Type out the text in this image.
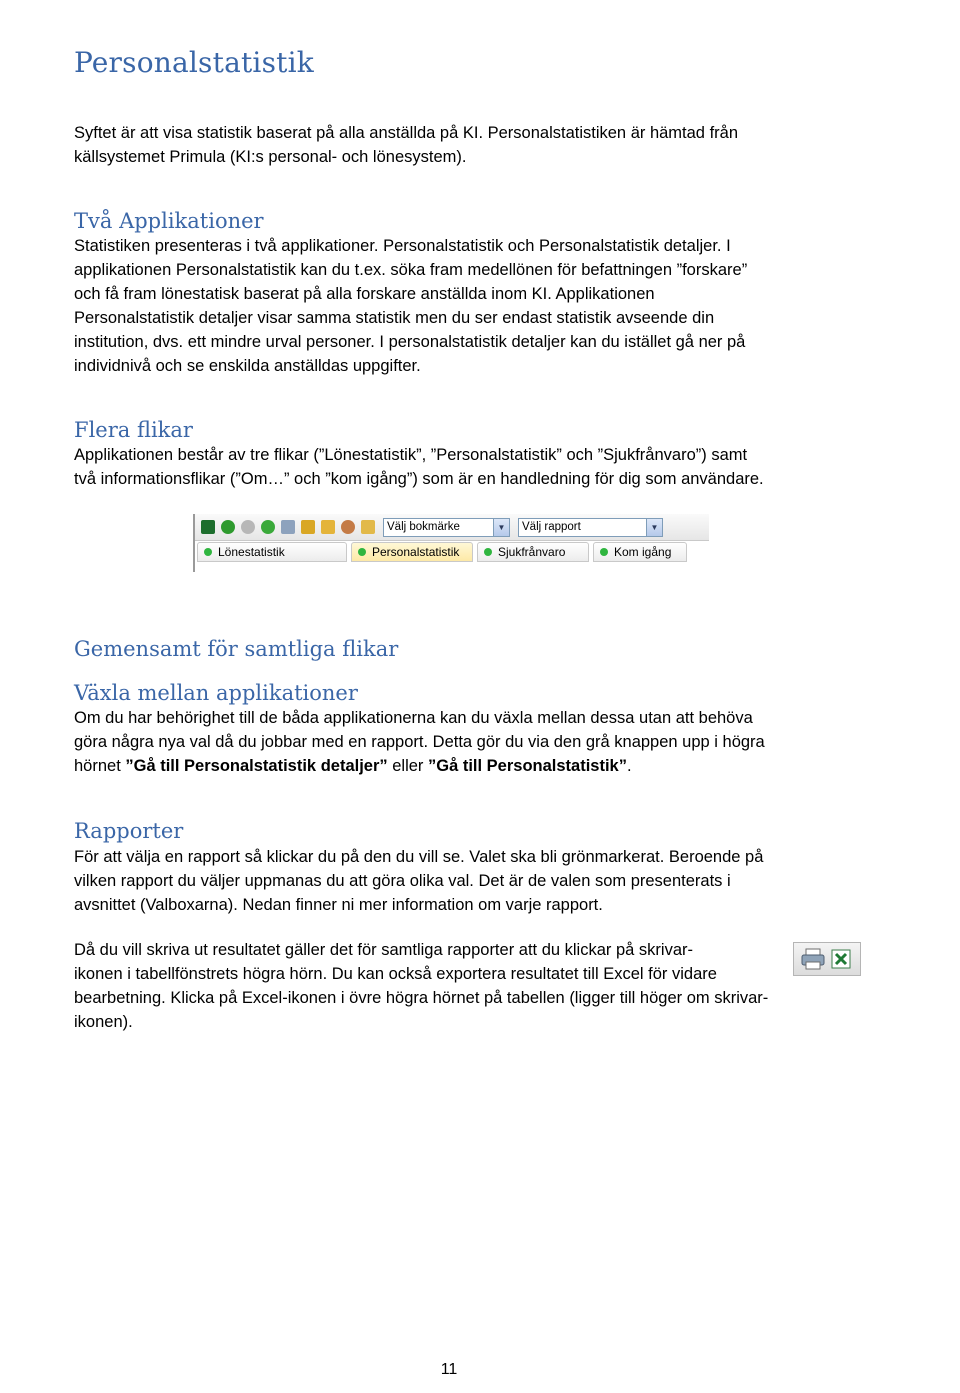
Personalstatistik

Syftet är att visa statistik baserat på alla anställda på KI. Personalstatistiken är hämtad från
källsystemet Primula (KI:s personal- och lönesystem).

Två Applikationer

Statistiken presenteras i två applikationer. Personalstatistik och Personalstatistik detaljer. I
applikationen Personalstatistik kan du t.ex. söka fram medellönen för befattningen ”forskare”
och få fram lönestatisk baserat på alla forskare anställda inom KI. Applikationen
Personalstatistik detaljer visar samma statistik men du ser endast statistik avseende din
institution, dvs. ett mindre urval personer. I personalstatistik detaljer kan du istället gå ner på
individnivå och se enskilda anställdas uppgifter.

Flera flikar

Applikationen består av tre flikar (”Lönestatistik”, ”Personalstatistik” och ”Sjukfrånvaro”) samt
två informationsflikar (”Om…” och ”kom igång”) som är en handledning för dig som användare.

Välj bokmärke	▼	Välj rapport	▼
Lönestatistik	Personalstatistik	Sjukfrånvaro	Kom igång
Gemensamt för samtliga flikar
Växla mellan applikationer

Om du har behörighet till de båda applikationerna kan du växla mellan dessa utan att behöva
göra några nya val då du jobbar med en rapport. Detta gör du via den grå knappen upp i högra
hörnet ”Gå till Personalstatistik detaljer” eller ”Gå till Personalstatistik”.

Rapporter

För att välja en rapport så klickar du på den du vill se. Valet ska bli grönmarkerat. Beroende på
vilken rapport du väljer uppmanas du att göra olika val. Det är de valen som presenterats i
avsnittet (Valboxarna). Nedan finner ni mer information om varje rapport.

Då du vill skriva ut resultatet gäller det för samtliga rapporter att du klickar på skrivar-
ikonen i tabellfönstrets högra hörn. Du kan också exportera resultatet till Excel för vidare
bearbetning. Klicka på Excel-ikonen i övre högra hörnet på tabellen (ligger till höger om skrivar-
ikonen).

11
